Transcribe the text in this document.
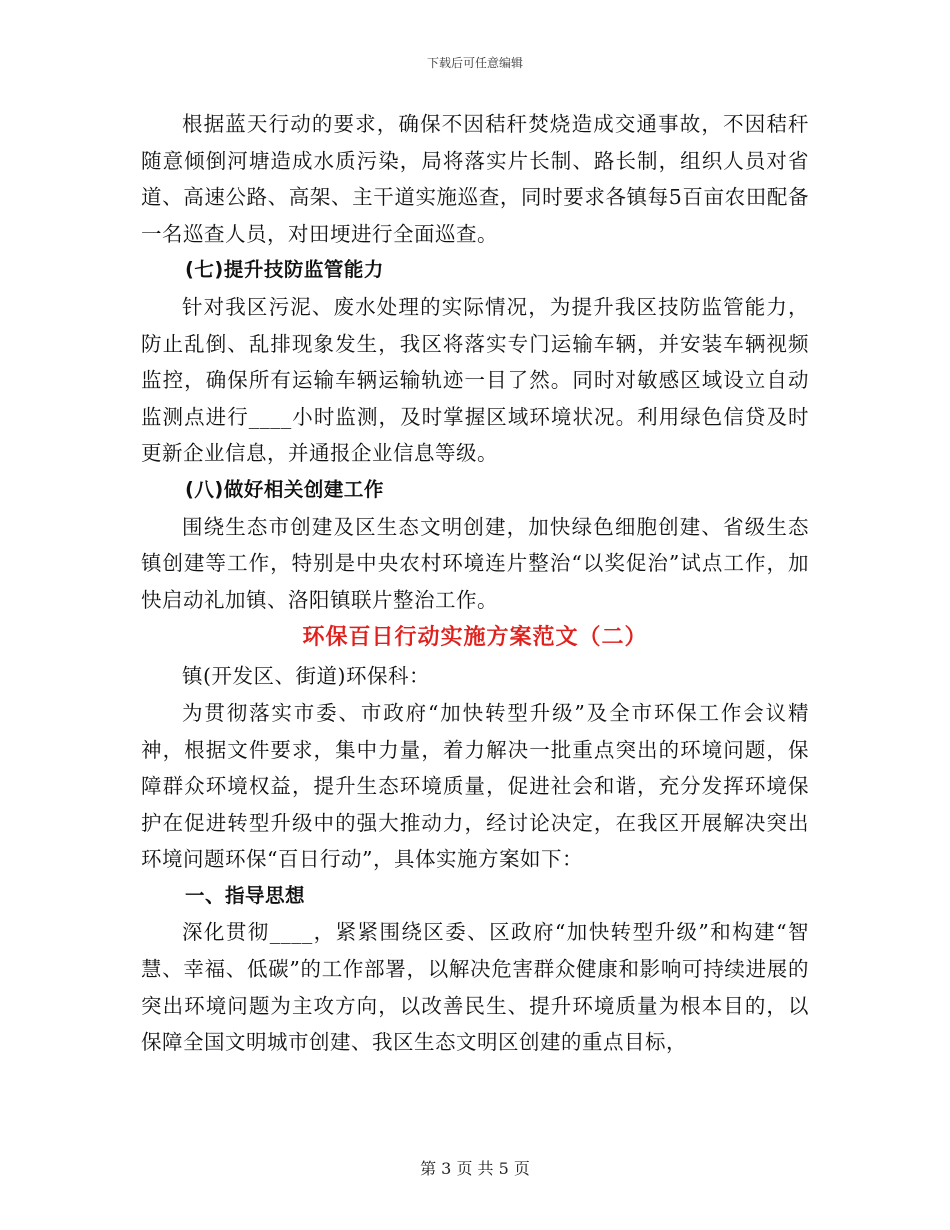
下载后可任意编辑

根据蓝天行动的要求，确保不因秸秆焚烧造成交通事故，不因秸秆随意倾倒河塘造成水质污染，局将落实片长制、路长制，组织人员对省道、高速公路、高架、主干道实施巡查，同时要求各镇每5百亩农田配备一名巡查人员，对田埂进行全面巡查。

(七)提升技防监管能力

针对我区污泥、废水处理的实际情况，为提升我区技防监管能力，防止乱倒、乱排现象发生，我区将落实专门运输车辆，并安装车辆视频监控，确保所有运输车辆运输轨迹一目了然。同时对敏感区域设立自动监测点进行____小时监测，及时掌握区域环境状况。利用绿色信贷及时更新企业信息，并通报企业信息等级。

(八)做好相关创建工作

围绕生态市创建及区生态文明创建，加快绿色细胞创建、省级生态镇创建等工作，特别是中央农村环境连片整治“以奖促治”试点工作，加快启动礼加镇、洛阳镇联片整治工作。

环保百日行动实施方案范文（二）

镇(开发区、街道)环保科：

为贯彻落实市委、市政府“加快转型升级”及全市环保工作会议精神，根据文件要求，集中力量，着力解决一批重点突出的环境问题，保障群众环境权益，提升生态环境质量，促进社会和谐，充分发挥环境保护在促进转型升级中的强大推动力，经讨论决定，在我区开展解决突出环境问题环保“百日行动”，具体实施方案如下：

一、指导思想

深化贯彻____，紧紧围绕区委、区政府“加快转型升级”和构建“智慧、幸福、低碳”的工作部署，以解决危害群众健康和影响可持续进展的突出环境问题为主攻方向，以改善民生、提升环境质量为根本目的，以保障全国文明城市创建、我区生态文明区创建的重点目标，

第 3 页 共 5 页
